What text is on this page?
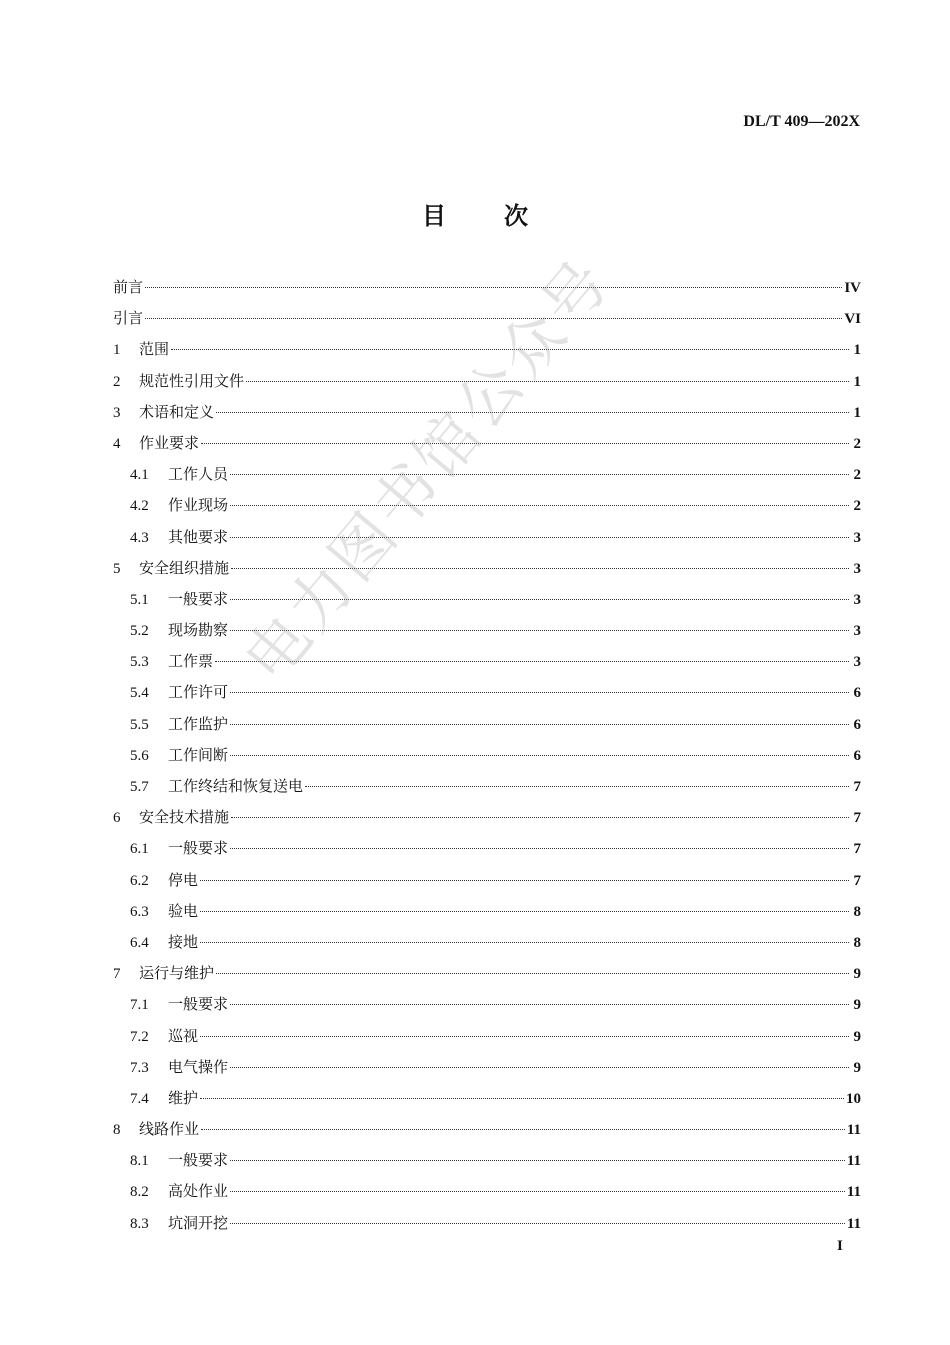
DL/T 409—202X
目 次
前言	IV
引言	VI
1	范围	1
2	规范性引用文件	1
3	术语和定义	1
4	作业要求	2
4.1	工作人员	2
4.2	作业现场	2
4.3	其他要求	3
5	安全组织措施	3
5.1	一般要求	3
5.2	现场勘察	3
5.3	工作票	3
5.4	工作许可	6
5.5	工作监护	6
5.6	工作间断	6
5.7	工作终结和恢复送电	7
6	安全技术措施	7
6.1	一般要求	7
6.2	停电	7
6.3	验电	8
6.4	接地	8
7	运行与维护	9
7.1	一般要求	9
7.2	巡视	9
7.3	电气操作	9
7.4	维护	10
8	线路作业	11
8.1	一般要求	11
8.2	高处作业	11
8.3	坑洞开挖	11
I
电力图书馆公众号
